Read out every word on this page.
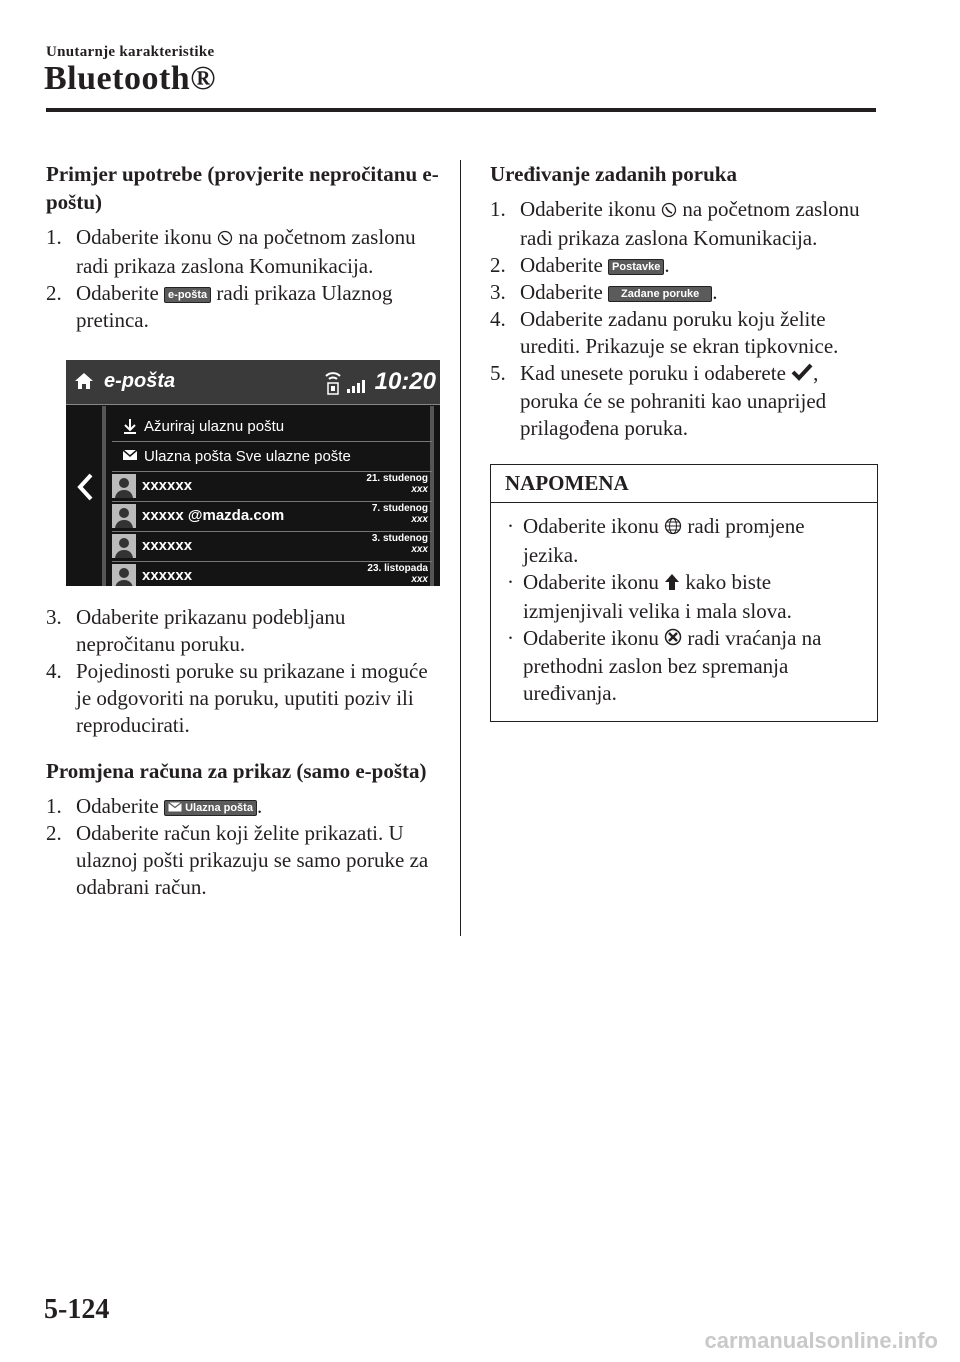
Unutarnje karakteristike
Bluetooth®
Primjer upotrebe (provjerite nepročitanu e-poštu)
1. Odaberite ikonu  na početnom zaslonu radi prikaza zaslona Komunikacija.
2. Odaberite e-pošta radi prikaza Ulaznog pretinca.
e-pošta	10:20
Ažuriraj ulaznu poštu
Ulazna pošta Sve ulazne pošte
xxxxxx	21. studenog
xxx
xxxxx @mazda.com	7. studenog
xxx
xxxxxx	3. studenog
xxx
xxxxxx	23. listopada
xxx
3. Odaberite prikazanu podebljanu nepročitanu poruku.
4. Pojedinosti poruke su prikazane i moguće je odgovoriti na poruku, uputiti poziv ili reproducirati.
Promjena računa za prikaz (samo e-pošta)
1. Odaberite  Ulazna pošta .
2. Odaberite račun koji želite prikazati. U ulaznoj pošti prikazuju se samo poruke za odabrani račun.
Uređivanje zadanih poruka
1. Odaberite ikonu  na početnom zaslonu radi prikaza zaslona Komunikacija.
2. Odaberite Postavke .
3. Odaberite Zadane poruke .
4. Odaberite zadanu poruku koju želite urediti. Prikazuje se ekran tipkovnice.
5. Kad unesete poruku i odaberete , poruka će se pohraniti kao unaprijed prilagođena poruka.
NAPOMENA
· Odaberite ikonu  radi promjene jezika.
· Odaberite ikonu  kako biste izmjenjivali velika i mala slova.
· Odaberite ikonu  radi vraćanja na prethodni zaslon bez spremanja uređivanja.
5-124
carmanualsonline.info
